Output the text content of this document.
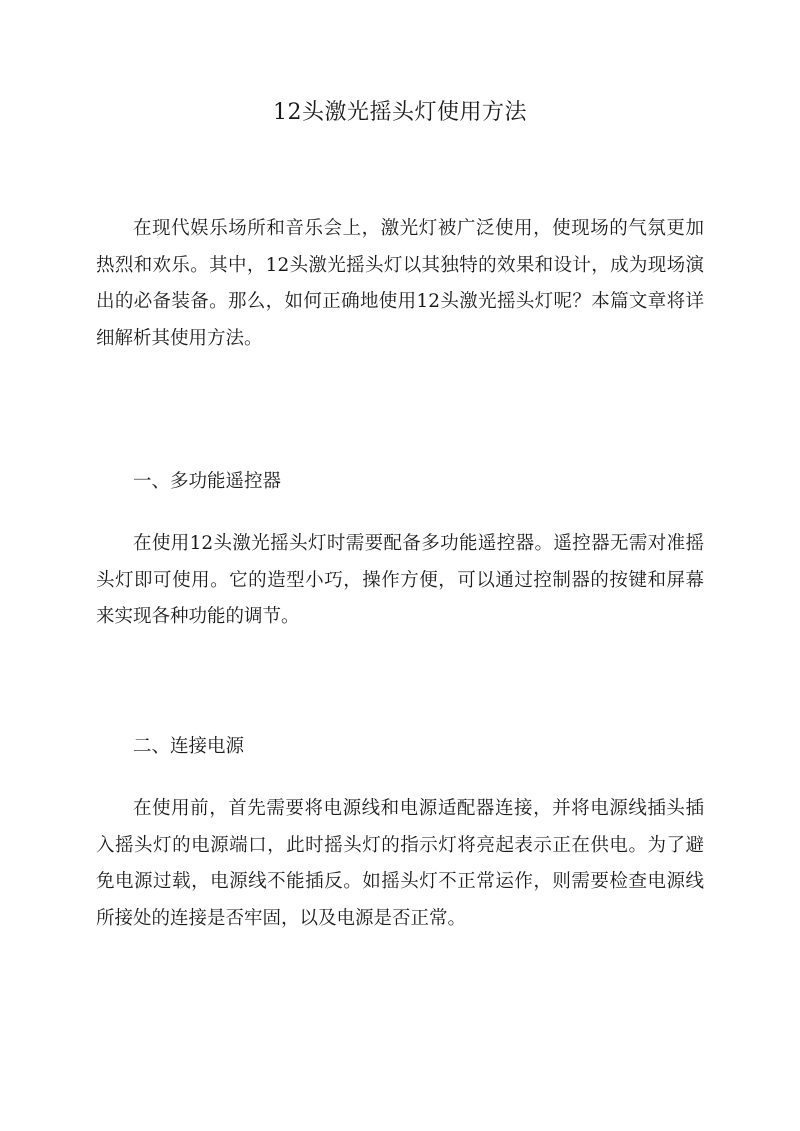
12头激光摇头灯使用方法

在现代娱乐场所和音乐会上，激光灯被广泛使用，使现场的气氛更加热烈和欢乐。其中，12头激光摇头灯以其独特的效果和设计，成为现场演出的必备装备。那么，如何正确地使用12头激光摇头灯呢？本篇文章将详细解析其使用方法。

一、多功能遥控器

在使用12头激光摇头灯时需要配备多功能遥控器。遥控器无需对准摇头灯即可使用。它的造型小巧，操作方便，可以通过控制器的按键和屏幕来实现各种功能的调节。

二、连接电源

在使用前，首先需要将电源线和电源适配器连接，并将电源线插头插入摇头灯的电源端口，此时摇头灯的指示灯将亮起表示正在供电。为了避免电源过载，电源线不能插反。如摇头灯不正常运作，则需要检查电源线所接处的连接是否牢固，以及电源是否正常。
